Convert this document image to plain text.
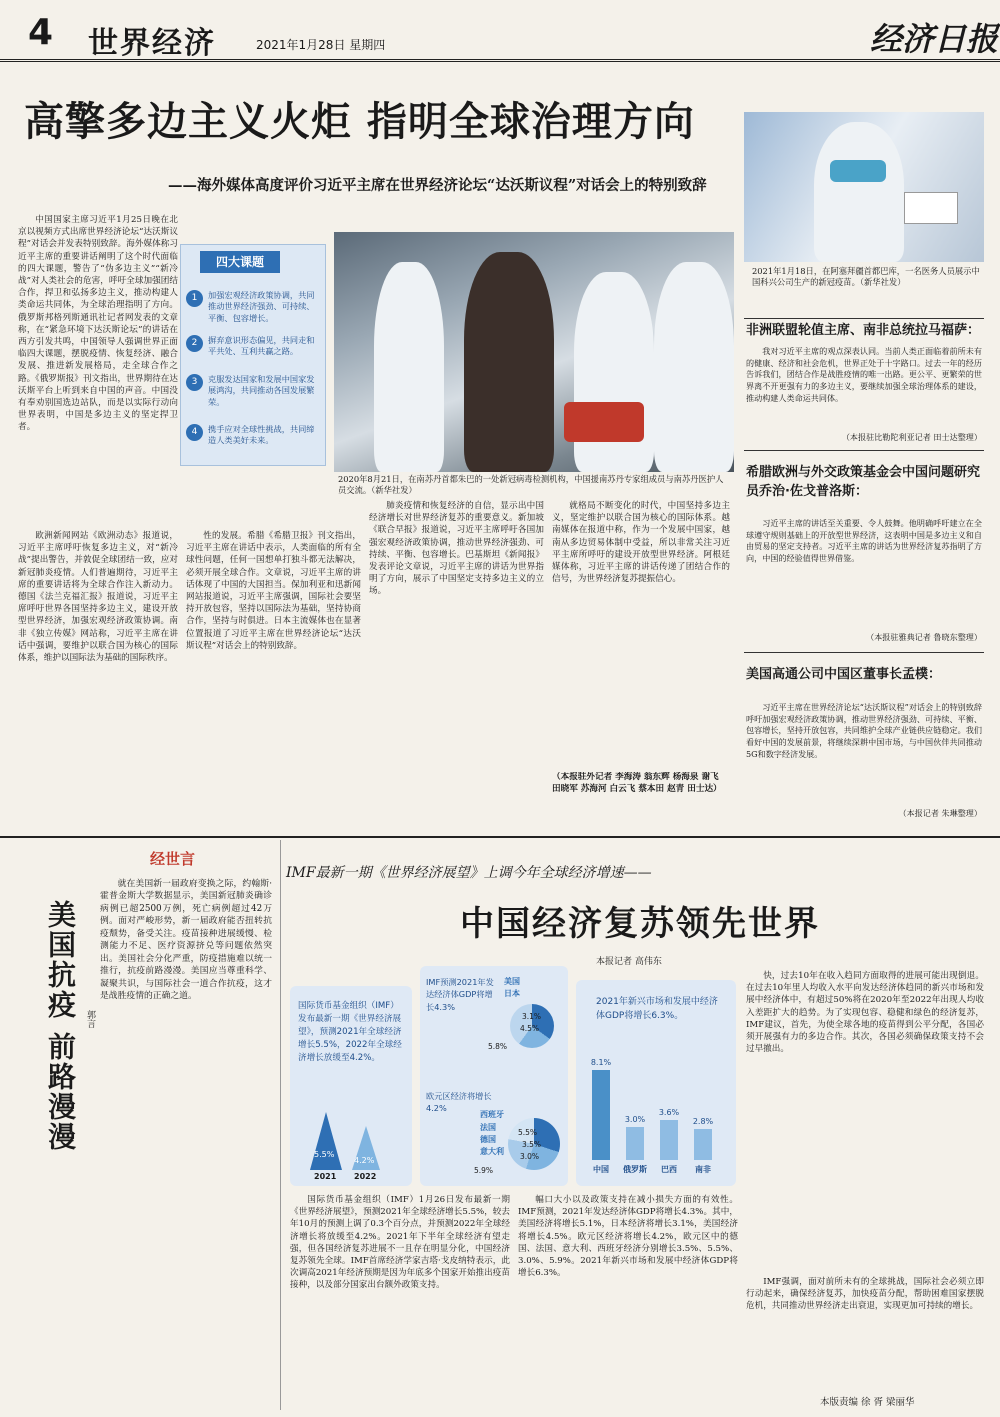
4 世界经济	2021年1月28日 星期四	经济日报
高擎多边主义火炬 指明全球治理方向
——海外媒体高度评价习近平主席在世界经济论坛“达沃斯议程”对话会上的特别致辞

中国国家主席习近平1月25日晚在北京以视频方式出席世界经济论坛“达沃斯议程”对话会并发表特别致辞。海外媒体称习近平主席的重要讲话阐明了这个时代面临的四大课题，警告了“伪多边主义”“新冷战”对人类社会的危害，呼吁全球加强团结合作，捍卫和弘扬多边主义，推动构建人类命运共同体，为全球治理指明了方向。俄罗斯邦格列斯通讯社记者网发表的文章称，在“紧急环境下达沃斯论坛”的讲话在西方引发共鸣，中国领导人强调世界正面临四大课题，摆脱疫情、恢复经济、融合发展、推进新发展格局，走全球合作之路。《俄罗斯报》刊文指出，世界期待在达沃斯平台上听到来自中国的声音。中国没有奉劝别国选边站队，而是以实际行动向世界表明，中国是多边主义的坚定捍卫者。

四大课题
1	加强宏观经济政策协调，共同推动世界经济强劲、可持续、平衡、包容增长。
2	摒弃意识形态偏见，共同走和平共处、互利共赢之路。
3	克服发达国家和发展中国家发展鸿沟，共同推动各国发展繁荣。
4	携手应对全球性挑战，共同缔造人类美好未来。
2020年8月21日，在南苏丹首都朱巴的一处新冠病毒检测机构，中国援南苏丹专家组成员与南苏丹医护人员交流。（新华社发）

欧洲新闻网站《欧洲动态》报道说，习近平主席呼吁恢复多边主义，对“新冷战”提出警告，并敦促全球团结一致，应对新冠肺炎疫情。人们普遍期待，习近平主席的重要讲话将为全球合作注入新动力。德国《法兰克福汇报》报道说，习近平主席呼吁世界各国坚持多边主义，建设开放型世界经济，加强宏观经济政策协调。南非《独立传媒》网站称，习近平主席在讲话中强调，要维护以联合国为核心的国际体系，维护以国际法为基础的国际秩序。

性的发展。希腊《希腊卫报》刊文指出，习近平主席在讲话中表示，人类面临的所有全球性问题，任何一国想单打独斗都无法解决，必须开展全球合作。文章说，习近平主席的讲话体现了中国的大国担当。保加利亚和迅新闻网站报道说，习近平主席强调，国际社会要坚持开放包容，坚持以国际法为基础，坚持协商合作，坚持与时俱进。日本主流媒体也在显著位置报道了习近平主席在世界经济论坛“达沃斯议程”对话会上的特别致辞。

肺炎疫情和恢复经济的自信，显示出中国经济增长对世界经济复苏的重要意义。新加坡《联合早报》报道说，习近平主席呼吁各国加强宏观经济政策协调，推动世界经济强劲、可持续、平衡、包容增长。巴基斯坦《新闻报》发表评论文章说，习近平主席的讲话为世界指明了方向，展示了中国坚定支持多边主义的立场。

就格局不断变化的时代，中国坚持多边主义，坚定维护以联合国为核心的国际体系。越南媒体在报道中称，作为一个发展中国家，越南从多边贸易体制中受益，所以非常关注习近平主席所呼吁的建设开放型世界经济。阿根廷媒体称，习近平主席的讲话传递了团结合作的信号，为世界经济复苏提振信心。

（本报驻外记者 李海涛 翁东辉 杨海泉 谢飞 田晓军 苏海河 白云飞 蔡本田 赵青 田士达）
2021年1月18日，在阿塞拜疆首都巴库，一名医务人员展示中国科兴公司生产的新冠疫苗。（新华社发）
非洲联盟轮值主席、南非总统拉马福萨：

我对习近平主席的观点深表认同。当前人类正面临着前所未有的健康、经济和社会危机，世界正处于十字路口。过去一年的经历告诉我们，团结合作是战胜疫情的唯一出路。更公平、更繁荣的世界离不开更强有力的多边主义，要继续加强全球治理体系的建设，推动构建人类命运共同体。

（本报驻比勒陀利亚记者 田士达整理）
希腊欧洲与外交政策基金会中国问题研究员乔治·佐戈普洛斯：

习近平主席的讲话至关重要、令人鼓舞。他明确呼吁建立在全球遵守规则基础上的开放型世界经济，这表明中国是多边主义和自由贸易的坚定支持者。习近平主席的讲话为世界经济复苏指明了方向，中国的经验值得世界借鉴。

（本报驻雅典记者 鲁晓东整理）
美国高通公司中国区董事长孟樸：

习近平主席在世界经济论坛“达沃斯议程”对话会上的特别致辞呼吁加强宏观经济政策协调，推动世界经济强劲、可持续、平衡、包容增长，坚持开放包容，共同维护全球产业链供应链稳定。我们看好中国的发展前景，将继续深耕中国市场，与中国伙伴共同推动5G和数字经济发展。

（本报记者 朱琳整理）
经世言
美国抗疫 前路漫漫 郭言

就在美国新一届政府变换之际，约翰斯·霍普金斯大学数据显示，美国新冠肺炎确诊病例已超2500万例，死亡病例超过42万例。面对严峻形势，新一届政府能否扭转抗疫颓势，备受关注。疫苗接种进展缓慢、检测能力不足、医疗资源挤兑等问题依然突出。美国社会分化严重，防疫措施难以统一推行，抗疫前路漫漫。美国应当尊重科学、凝聚共识，与国际社会一道合作抗疫，这才是战胜疫情的正确之道。

IMF最新一期《世界经济展望》上调今年全球经济增速——
中国经济复苏领先世界
本报记者 高伟东
国际货币基金组织（IMF）发布最新一期《世界经济展望》，预测2021年全球经济增长5.5%，2022年全球经济增长放缓至4.2%。
5.5%
4.2%
2021 2022
IMF预测2021年发达经济体GDP将增长4.3%
美国
日本
3.1%
4.5%
5.8%
欧元区经济将增长4.2%
西班牙
法国
德国
意大利
5.9%
5.5%
3.5%
3.0%
2021年新兴市场和发展中经济体GDP将增长6.3%。
8.1%
中国
3.0%
俄罗斯
3.6%
巴西
2.8%
南非

国际货币基金组织（IMF）1月26日发布最新一期《世界经济展望》，预测2021年全球经济增长5.5%，较去年10月的预测上调了0.3个百分点，并预测2022年全球经济增长将放缓至4.2%。2021年下半年全球经济有望走强，但各国经济复苏进展不一且存在明显分化，中国经济复苏领先全球。IMF首席经济学家吉塔·戈皮纳特表示，此次调高2021年经济预期是因为年底多个国家开始推出疫苗接种，以及部分国家出台额外政策支持。

幅口大小以及政策支持在减小损失方面的有效性。IMF预测，2021年发达经济体GDP将增长4.3%。其中，美国经济将增长5.1%，日本经济将增长3.1%，美国经济将增长4.5%。欧元区经济将增长4.2%，欧元区中的德国、法国、意大利、西班牙经济分别增长3.5%、5.5%、3.0%、5.9%。2021年新兴市场和发展中经济体GDP将增长6.3%。

快，过去10年在收入趋同方面取得的进展可能出现倒退。在过去10年里人均收入水平向发达经济体趋同的新兴市场和发展中经济体中，有超过50%将在2020年至2022年出现人均收入差距扩大的趋势。为了实现包容、稳健和绿色的经济复苏，IMF建议，首先，为使全球各地的疫苗得到公平分配，各国必须开展强有力的多边合作。其次，各国必须确保政策支持不会过早撤出。

IMF强调，面对前所未有的全球挑战，国际社会必须立即行动起来，确保经济复苏，加快疫苗分配，帮助困难国家摆脱危机，共同推动世界经济走出衰退，实现更加可持续的增长。

本版责编 徐 胥 梁丽华
